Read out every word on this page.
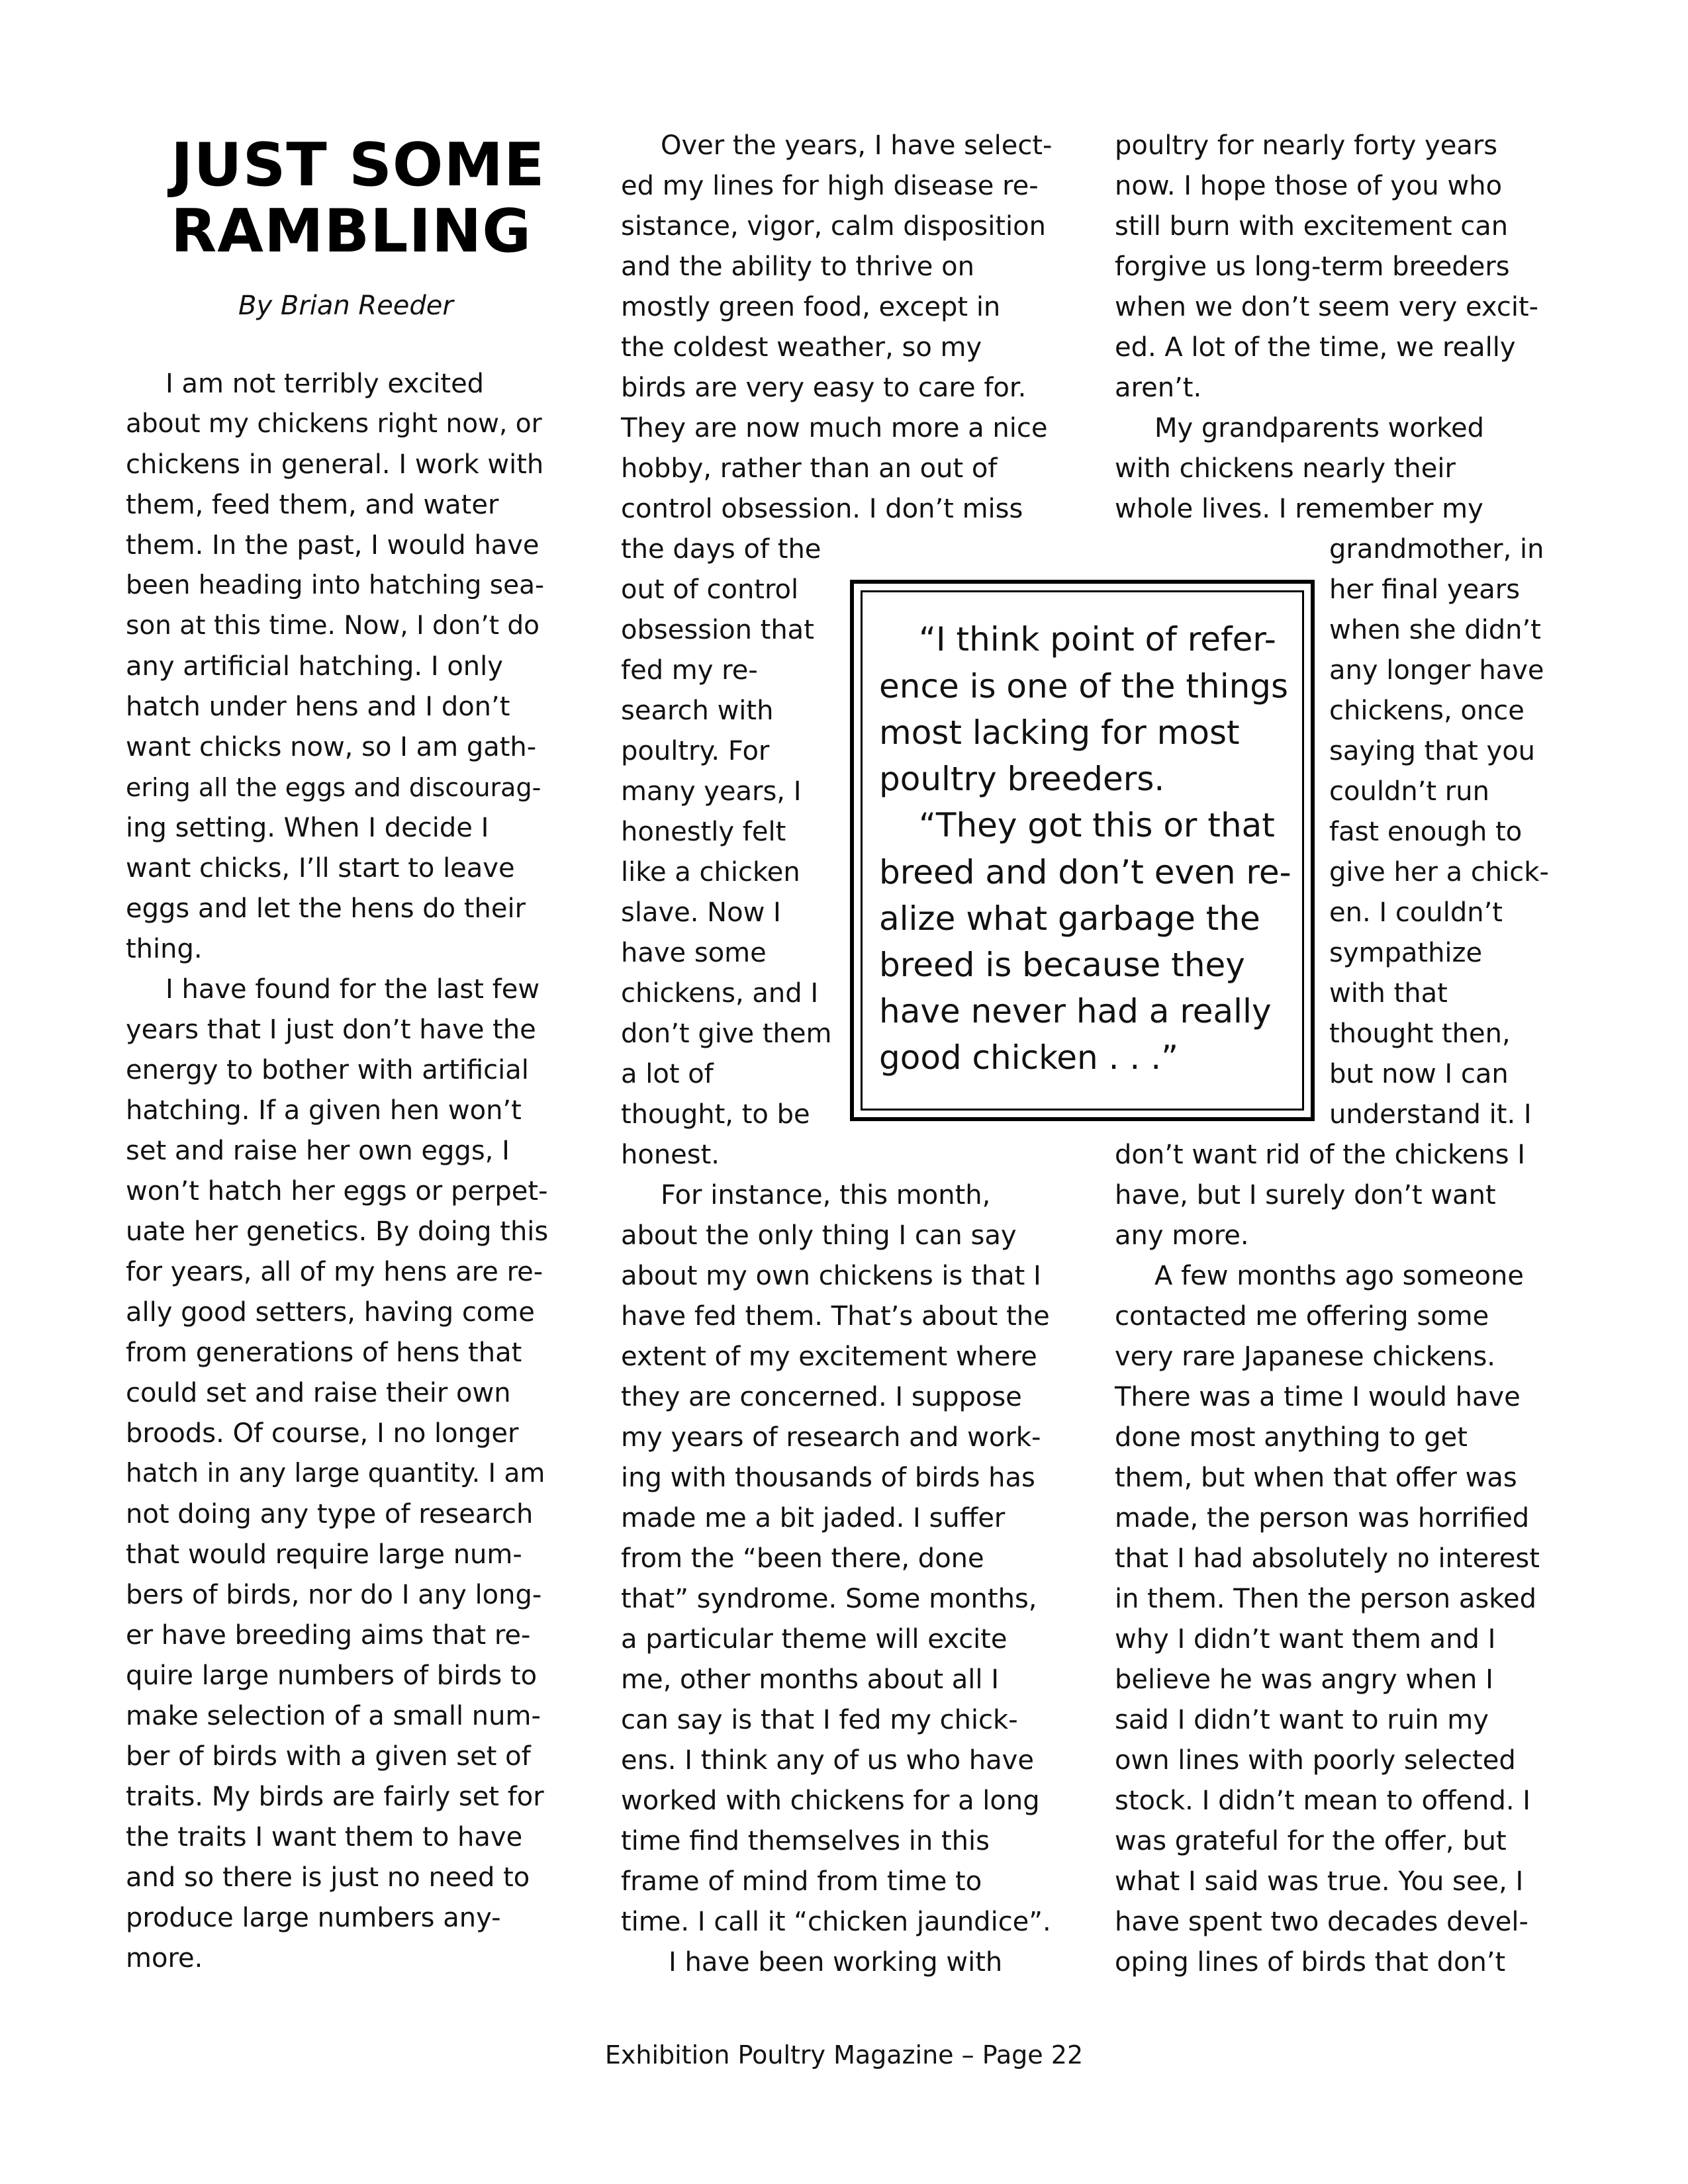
JUST SOME
RAMBLING
By Brian Reeder
I am not terribly excited
about my chickens right now, or
chickens in general. I work with
them, feed them, and water
them. In the past, I would have
been heading into hatching sea-
son at this time. Now, I don’t do
any artificial hatching. I only
hatch under hens and I don’t
want chicks now, so I am gath-
ering all the eggs and discourag-
ing setting. When I decide I
want chicks, I’ll start to leave
eggs and let the hens do their
thing.
I have found for the last few
years that I just don’t have the
energy to bother with artificial
hatching. If a given hen won’t
set and raise her own eggs, I
won’t hatch her eggs or perpet-
uate her genetics. By doing this
for years, all of my hens are re-
ally good setters, having come
from generations of hens that
could set and raise their own
broods. Of course, I no longer
hatch in any large quantity. I am
not doing any type of research
that would require large num-
bers of birds, nor do I any long-
er have breeding aims that re-
quire large numbers of birds to
make selection of a small num-
ber of birds with a given set of
traits. My birds are fairly set for
the traits I want them to have
and so there is just no need to
produce large numbers any-
more.
Over the years, I have select-
ed my lines for high disease re-
sistance, vigor, calm disposition
and the ability to thrive on
mostly green food, except in
the coldest weather, so my
birds are very easy to care for.
They are now much more a nice
hobby, rather than an out of
control obsession. I don’t miss
the days of the
out of control
obsession that
fed my re-
search with
poultry. For
many years, I
honestly felt
like a chicken
slave. Now I
have some
chickens, and I
don’t give them
a lot of
thought, to be
honest.
For instance, this month,
about the only thing I can say
about my own chickens is that I
have fed them. That’s about the
extent of my excitement where
they are concerned. I suppose
my years of research and work-
ing with thousands of birds has
made me a bit jaded. I suffer
from the “been there, done
that” syndrome. Some months,
a particular theme will excite
me, other months about all I
can say is that I fed my chick-
ens. I think any of us who have
worked with chickens for a long
time find themselves in this
frame of mind from time to
time. I call it “chicken jaundice”.
I have been working with
poultry for nearly forty years
now. I hope those of you who
still burn with excitement can
forgive us long-term breeders
when we don’t seem very excit-
ed. A lot of the time, we really
aren’t.
My grandparents worked
with chickens nearly their
whole lives. I remember my
grandmother, in
her final years
when she didn’t
any longer have
chickens, once
saying that you
couldn’t run
fast enough to
give her a chick-
en. I couldn’t
sympathize
with that
thought then,
but now I can
understand it. I
don’t want rid of the chickens I
have, but I surely don’t want
any more.
A few months ago someone
contacted me offering some
very rare Japanese chickens.
There was a time I would have
done most anything to get
them, but when that offer was
made, the person was horrified
that I had absolutely no interest
in them. Then the person asked
why I didn’t want them and I
believe he was angry when I
said I didn’t want to ruin my
own lines with poorly selected
stock. I didn’t mean to offend. I
was grateful for the offer, but
what I said was true. You see, I
have spent two decades devel-
oping lines of birds that don’t
“I think point of refer-
ence is one of the things
most lacking for most
poultry breeders.
“They got this or that
breed and don’t even re-
alize what garbage the
breed is because they
have never had a really
good chicken . . .”
Exhibition Poultry Magazine – Page 22
